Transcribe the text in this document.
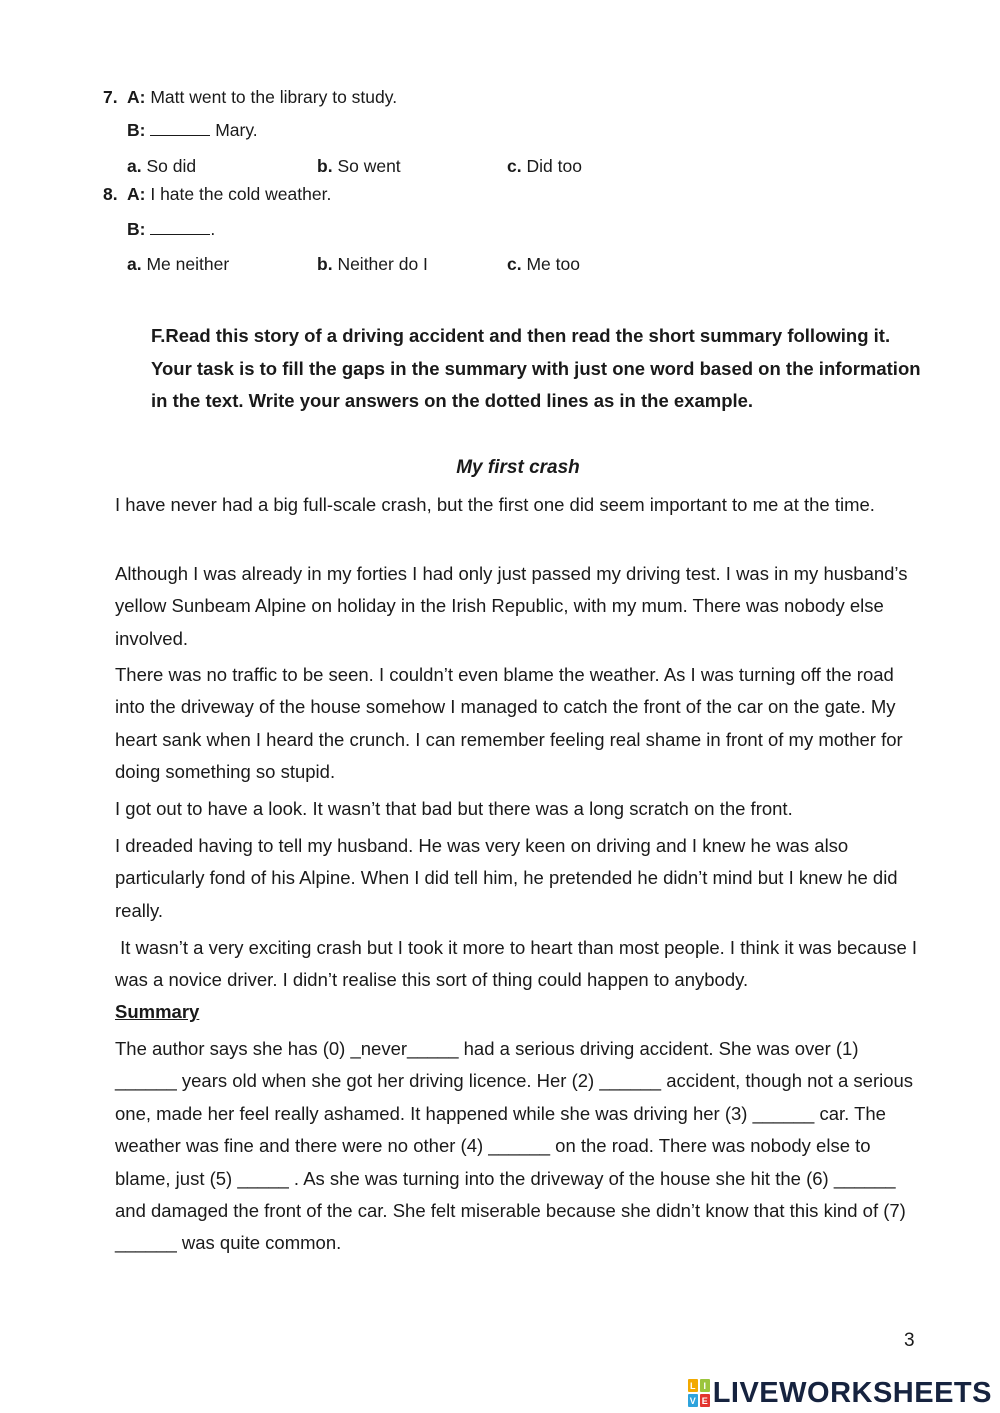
7. A: Matt went to the library to study.
B:	Mary.
a. So did	b. So went	c. Did too
8. A: I hate the cold weather.
B:	.
a. Me neither	b. Neither do I	c. Me too
F.Read this story of a driving accident and then read the short summary following it. Your task is to fill the gaps in the summary with just one word based on the information in the text. Write your answers on the dotted lines as in the example.
My first crash
I have never had a big full-scale crash, but the first one did seem important to me at the time.
Although I was already in my forties I had only just passed my driving test. I was in my husband’s yellow Sunbeam Alpine on holiday in the Irish Republic, with my mum. There was nobody else involved.
There was no traffic to be seen. I couldn’t even blame the weather. As I was turning off the road into the driveway of the house somehow I managed to catch the front of the car on the gate. My heart sank when I heard the crunch. I can remember feeling real shame in front of my mother for doing something so stupid.
I got out to have a look. It wasn’t that bad but there was a long scratch on the front.
I dreaded having to tell my husband. He was very keen on driving and I knew he was also particularly fond of his Alpine. When I did tell him, he pretended he didn’t mind but I knew he did really.
It wasn’t a very exciting crash but I took it more to heart than most people. I think it was because I was a novice driver. I didn’t realise this sort of thing could happen to anybody.
Summary
The author says she has (0) _never_____ had a serious driving accident. She was over (1) ______ years old when she got her driving licence. Her (2) ______ accident, though not a serious one, made her feel really ashamed. It happened while she was driving her (3) ______ car. The weather was fine and there were no other (4) ______ on the road. There was nobody else to blame, just (5) _____ . As she was turning into the driveway of the house she hit the (6) ______ and damaged the front of the car. She felt miserable because she didn’t know that this kind of (7) ______ was quite common.
3
L I
V E LIVEWORKSHEETS
